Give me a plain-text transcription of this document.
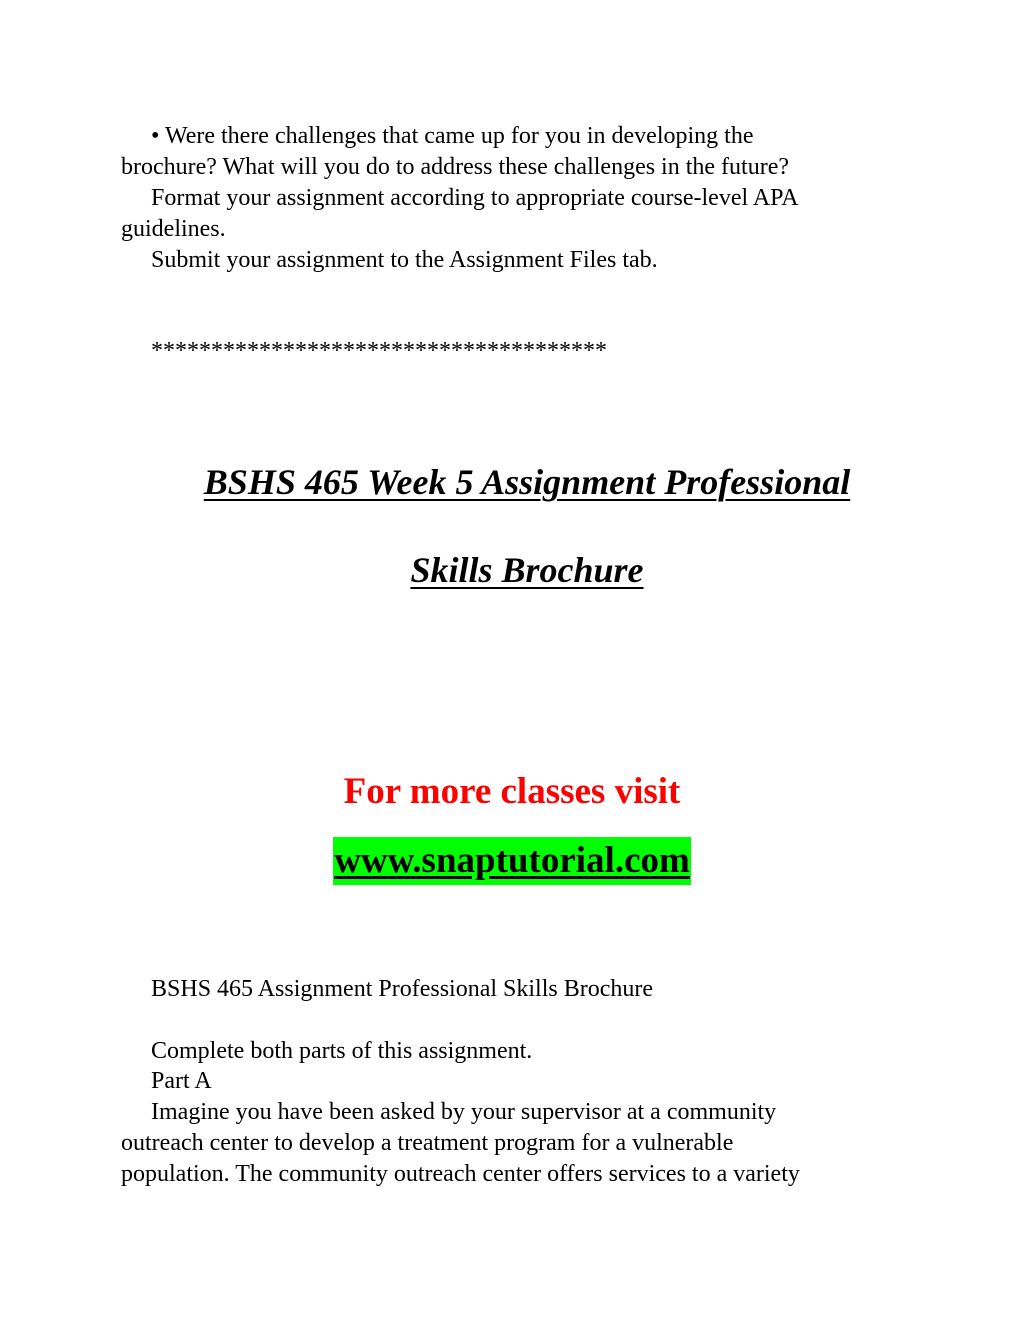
• Were there challenges that came up for you in developing the
brochure? What will you do to address these challenges in the future?
Format your assignment according to appropriate course-level APA
guidelines.
Submit your assignment to the Assignment Files tab.
**************************************
BSHS 465 Week 5 Assignment Professional
Skills Brochure
For more classes visit
www.snaptutorial.com
BSHS 465 Assignment Professional Skills Brochure
Complete both parts of this assignment.
Part A
Imagine you have been asked by your supervisor at a community
outreach center to develop a treatment program for a vulnerable
population. The community outreach center offers services to a variety
